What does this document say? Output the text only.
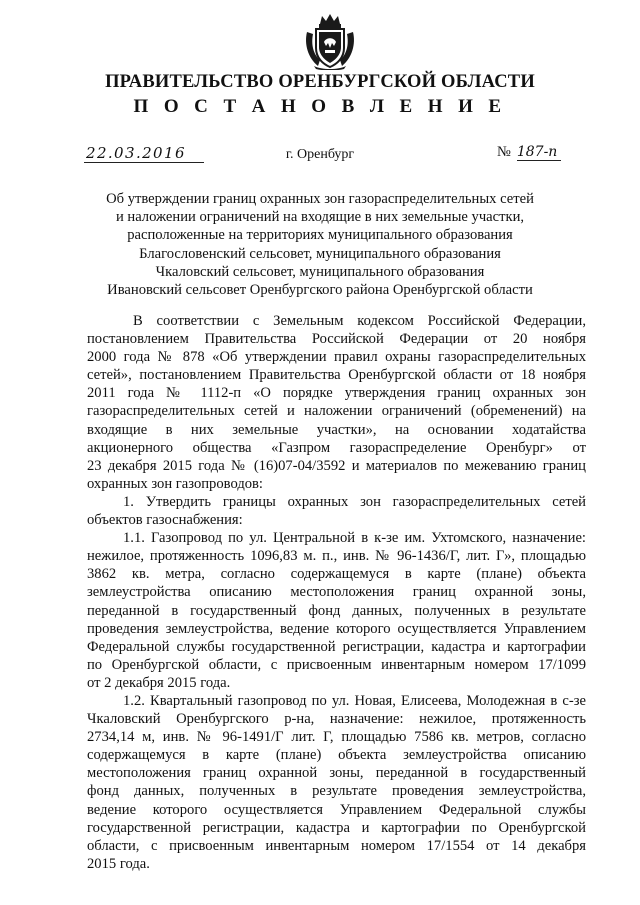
ПРАВИТЕЛЬСТВО ОРЕНБУРГСКОЙ ОБЛАСТИ
П О С Т А Н О В Л Е Н И Е
22.03.2016	г. Оренбург	№ 187-п
Об утверждении границ охранных зон газораспределительных сетей
и наложении ограничений на входящие в них земельные участки,
расположенные на территориях муниципального образования
Благословенский сельсовет, муниципального образования
Чкаловский сельсовет, муниципального образования
Ивановский сельсовет Оренбургского района Оренбургской области
В соответствии с Земельным кодексом Российской Федерации,
постановлением Правительства Российской Федерации от 20 ноября
2000 года № 878 «Об утверждении правил охраны газораспределительных
сетей», постановлением Правительства Оренбургской области от 18 ноября
2011 года № 1112-п «О порядке утверждения границ охранных зон
газораспределительных сетей и наложении ограничений (обременений) на
входящие в них земельные участки», на основании ходатайства
акционерного общества «Газпром газораспределение Оренбург» от
23 декабря 2015 года № (16)07-04/3592 и материалов по межеванию границ
охранных зон газопроводов:
1. Утвердить границы охранных зон газораспределительных сетей
объектов газоснабжения:
1.1. Газопровод по ул. Центральной в к-зе им. Ухтомского, назначение:
нежилое, протяженность 1096,83 м. п., инв. № 96-1436/Г, лит. Г», площадью
3862 кв. метра, согласно содержащемуся в карте (плане) объекта
землеустройства описанию местоположения границ охранной зоны,
переданной в государственный фонд данных, полученных в результате
проведения землеустройства, ведение которого осуществляется Управлением
Федеральной службы государственной регистрации, кадастра и картографии
по Оренбургской области, с присвоенным инвентарным номером 17/1099
от 2 декабря 2015 года.
1.2. Квартальный газопровод по ул. Новая, Елисеева, Молодежная в с-зе
Чкаловский Оренбургского р-на, назначение: нежилое, протяженность
2734,14 м, инв. № 96-1491/Г лит. Г, площадью 7586 кв. метров, согласно
содержащемуся в карте (плане) объекта землеустройства описанию
местоположения границ охранной зоны, переданной в государственный
фонд данных, полученных в результате проведения землеустройства,
ведение которого осуществляется Управлением Федеральной службы
государственной регистрации, кадастра и картографии по Оренбургской
области, с присвоенным инвентарным номером 17/1554 от 14 декабря
2015 года.
